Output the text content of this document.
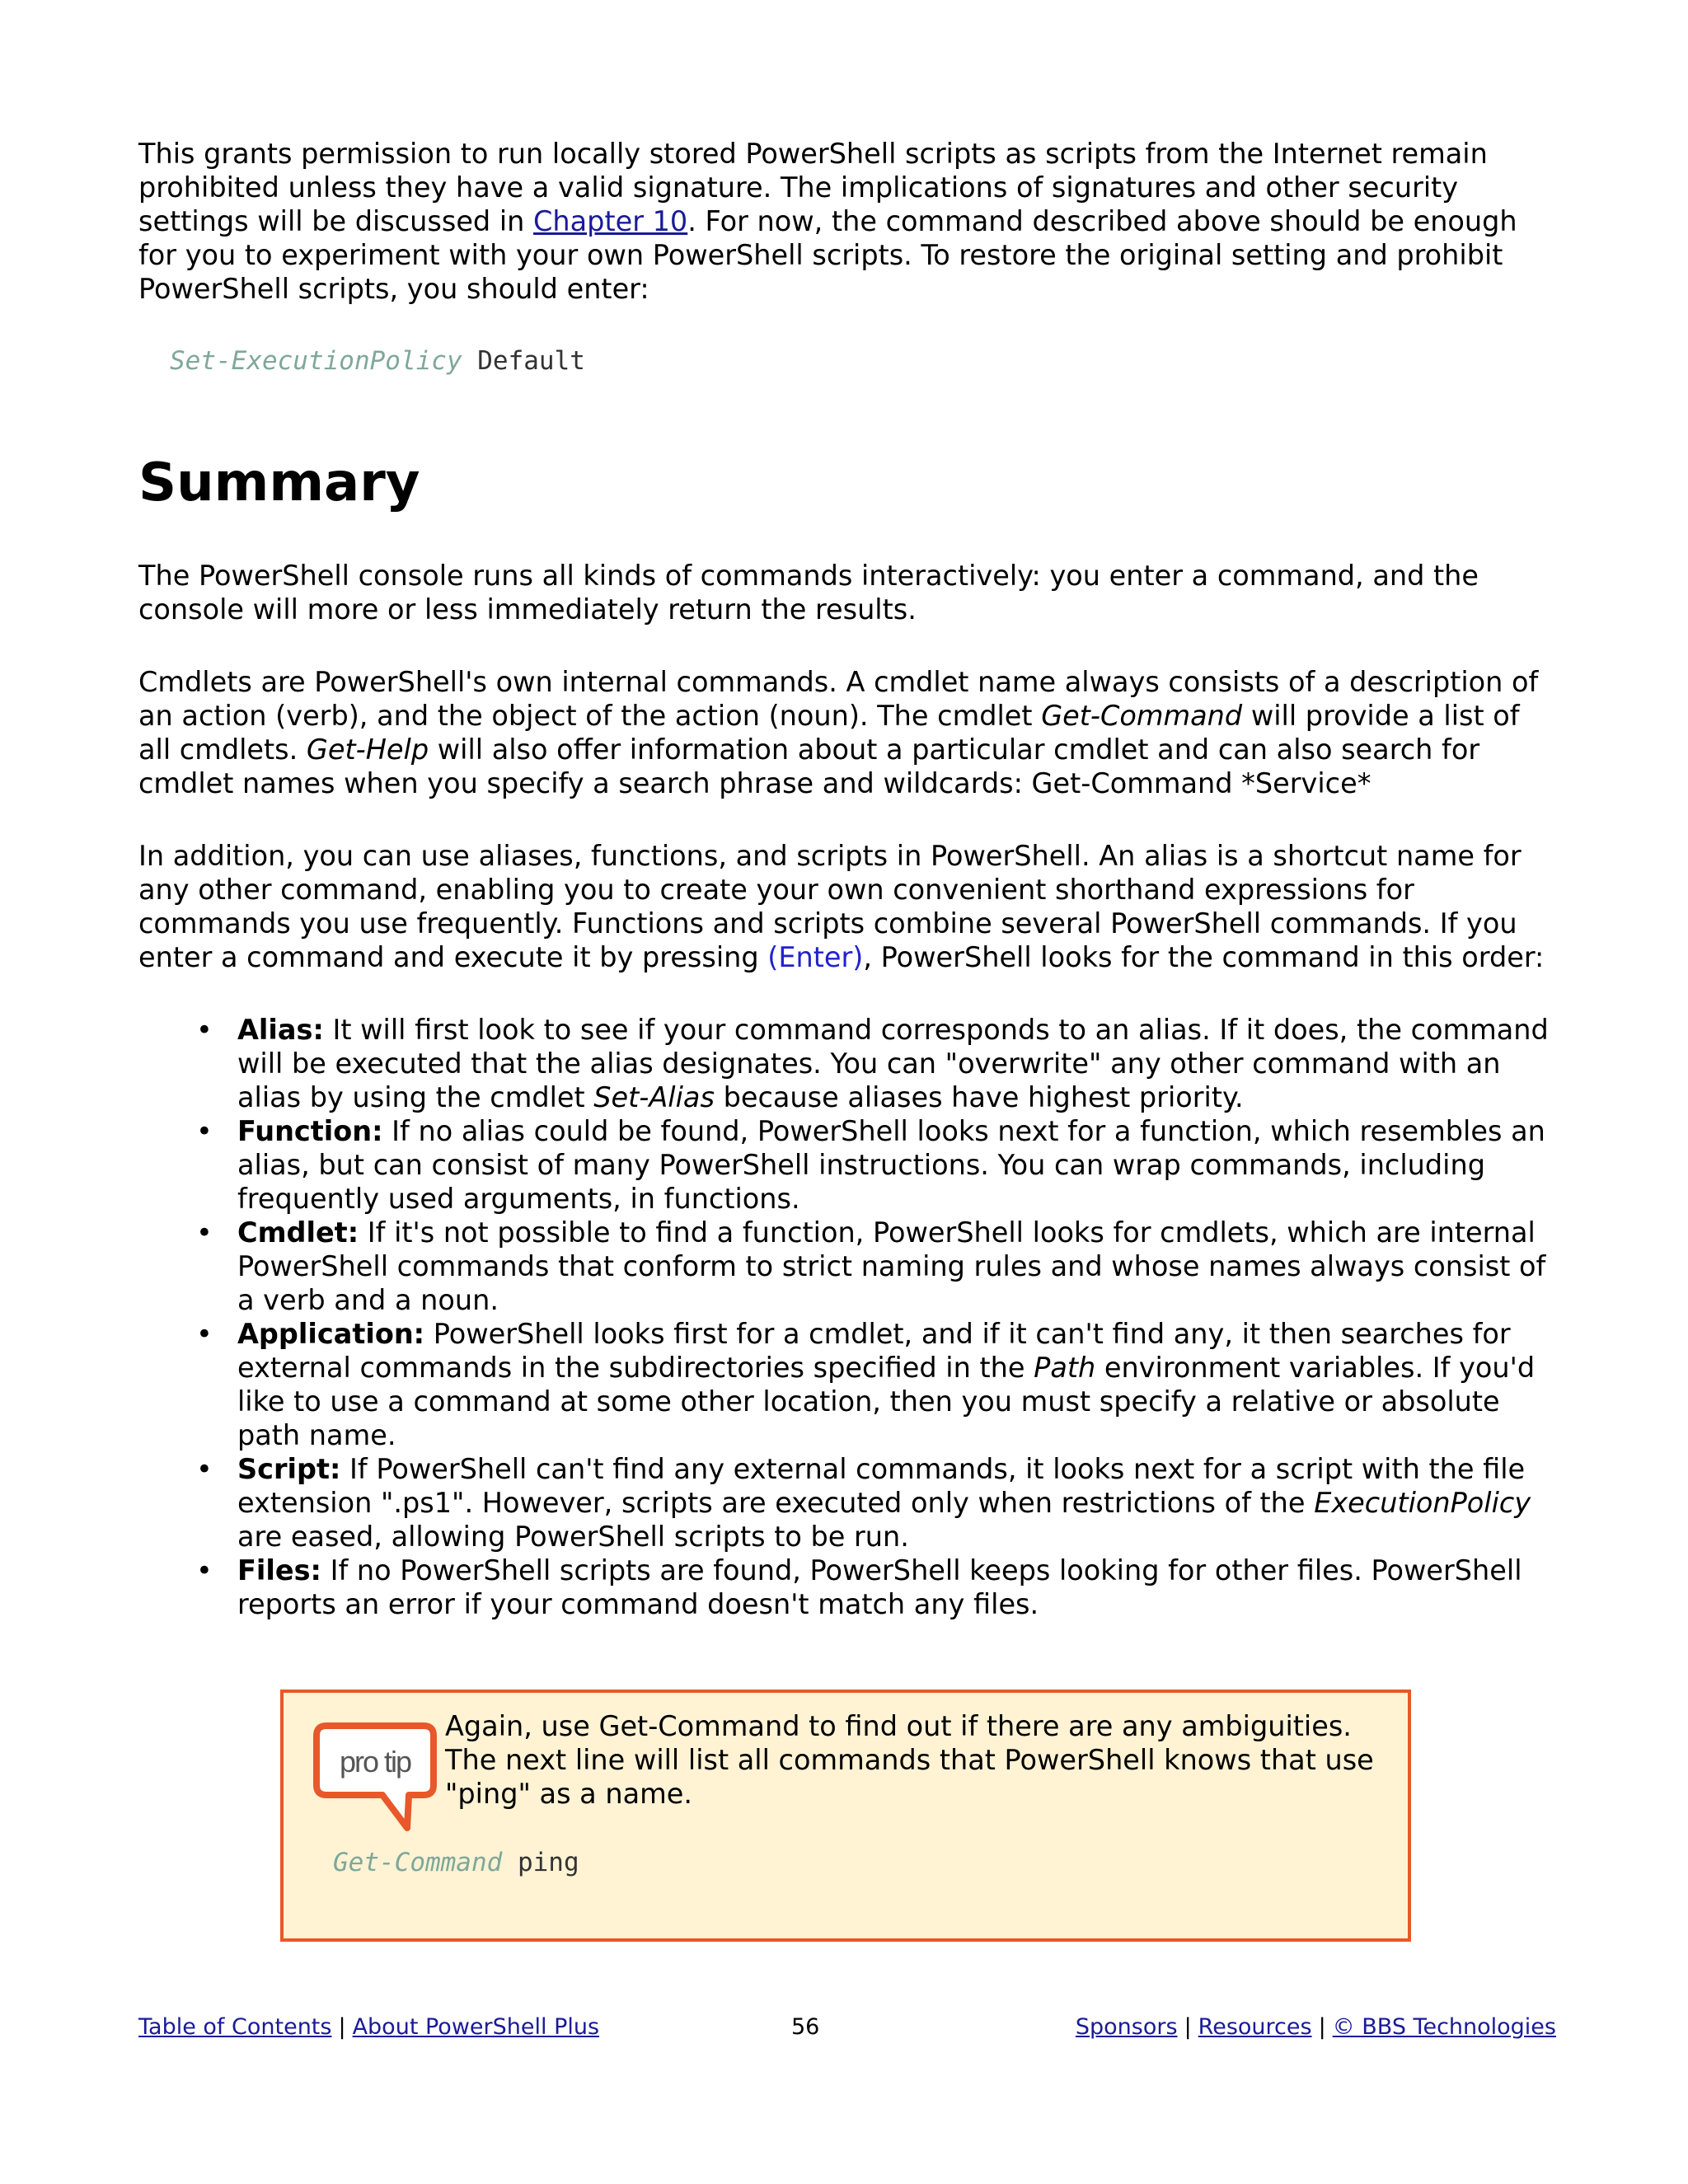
This grants permission to run locally stored PowerShell scripts as scripts from the Internet remain prohibited unless they have a valid signature. The implications of signatures and other security settings will be discussed in Chapter 10. For now, the command described above should be enough for you to experiment with your own PowerShell scripts. To restore the original setting and prohibit PowerShell scripts, you should enter:

Set-ExecutionPolicy Default
Summary

The PowerShell console runs all kinds of commands interactively: you enter a command, and the console will more or less immediately return the results.

Cmdlets are PowerShell's own internal commands. A cmdlet name always consists of a description of an action (verb), and the object of the action (noun). The cmdlet Get-Command will provide a list of all cmdlets. Get-Help will also offer information about a particular cmdlet and can also search for cmdlet names when you specify a search phrase and wildcards: Get-Command *Service*

In addition, you can use aliases, functions, and scripts in PowerShell. An alias is a shortcut name for any other command, enabling you to create your own convenient shorthand expressions for commands you use frequently. Functions and scripts combine several PowerShell commands. If you enter a command and execute it by pressing (Enter), PowerShell looks for the command in this order:

• Alias: It will first look to see if your command corresponds to an alias. If it does, the command will be executed that the alias designates. You can "overwrite" any other command with an alias by using the cmdlet Set-Alias because aliases have highest priority.
• Function: If no alias could be found, PowerShell looks next for a function, which resembles an alias, but can consist of many PowerShell instructions. You can wrap commands, including frequently used arguments, in functions.
• Cmdlet: If it's not possible to find a function, PowerShell looks for cmdlets, which are internal PowerShell commands that conform to strict naming rules and whose names always consist of a verb and a noun.
• Application: PowerShell looks first for a cmdlet, and if it can't find any, it then searches for external commands in the subdirectories specified in the Path environment variables. If you'd like to use a command at some other location, then you must specify a relative or absolute path name.
• Script: If PowerShell can't find any external commands, it looks next for a script with the file extension ".ps1". However, scripts are executed only when restrictions of the ExecutionPolicy are eased, allowing PowerShell scripts to be run.
• Files: If no PowerShell scripts are found, PowerShell keeps looking for other files. PowerShell reports an error if your command doesn't match any files.
pro tip
Again, use Get-Command to find out if there are any ambiguities. The next line will list all commands that PowerShell knows that use "ping" as a name.
Get-Command ping
Table of Contents | About PowerShell Plus	56	Sponsors | Resources | © BBS Technologies
